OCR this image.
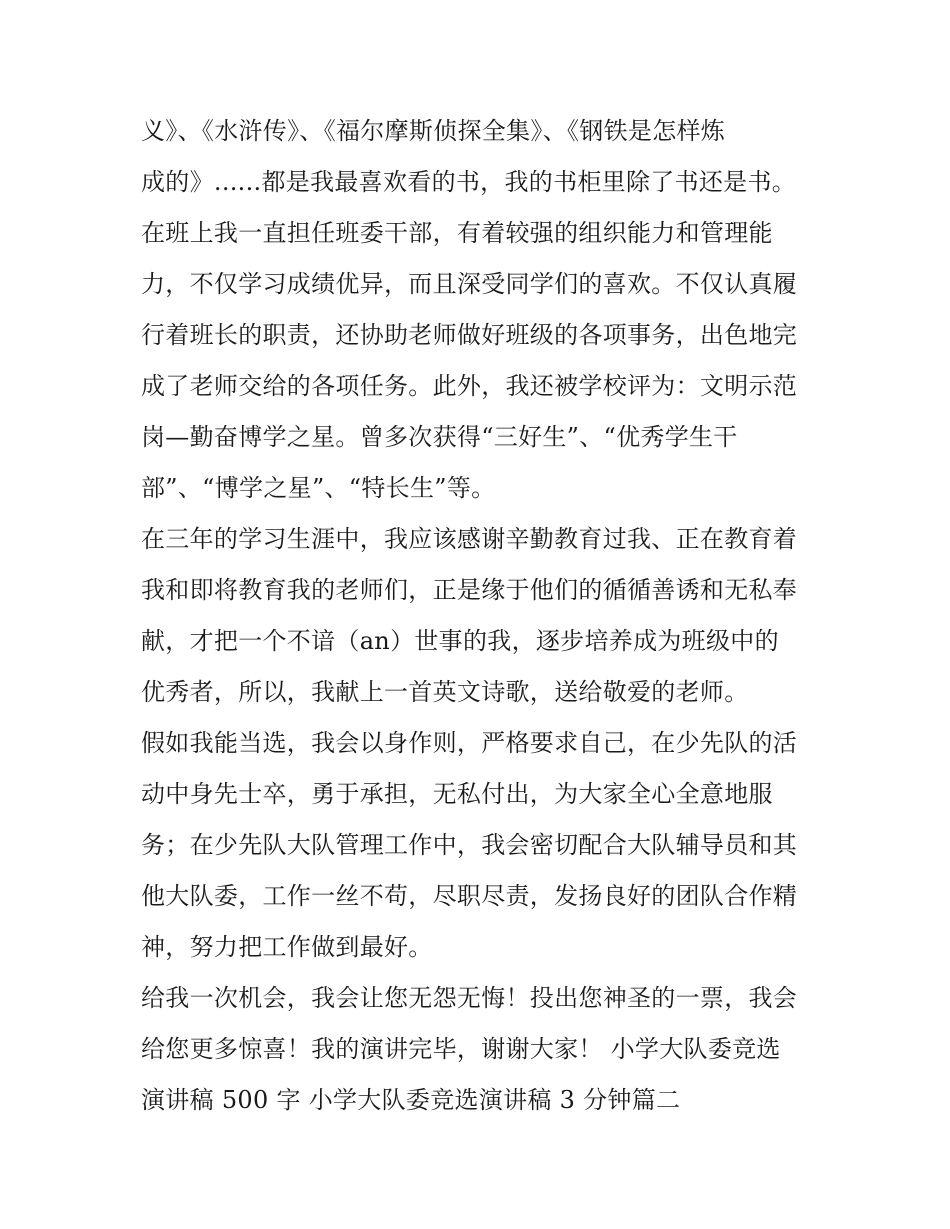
义》、《水浒传》、《福尔摩斯侦探全集》、《钢铁是怎样炼
成的》......都是我最喜欢看的书，我的书柜里除了书还是书。
在班上我一直担任班委干部，有着较强的组织能力和管理能
力，不仅学习成绩优异，而且深受同学们的喜欢。不仅认真履
行着班长的职责，还协助老师做好班级的各项事务，出色地完
成了老师交给的各项任务。此外，我还被学校评为：文明示范
岗—勤奋博学之星。曾多次获得“三好生”、“优秀学生干
部”、“博学之星”、“特长生”等。
在三年的学习生涯中，我应该感谢辛勤教育过我、正在教育着
我和即将教育我的老师们，正是缘于他们的循循善诱和无私奉
献，才把一个不谙（an）世事的我，逐步培养成为班级中的
优秀者，所以，我献上一首英文诗歌，送给敬爱的老师。
假如我能当选，我会以身作则，严格要求自己，在少先队的活
动中身先士卒，勇于承担，无私付出，为大家全心全意地服
务；在少先队大队管理工作中，我会密切配合大队辅导员和其
他大队委，工作一丝不苟，尽职尽责，发扬良好的团队合作精
神，努力把工作做到最好。
给我一次机会，我会让您无怨无悔！投出您神圣的一票，我会
给您更多惊喜！我的演讲完毕，谢谢大家！ 小学大队委竞选
演讲稿 500 字 小学大队委竞选演讲稿 3 分钟篇二
